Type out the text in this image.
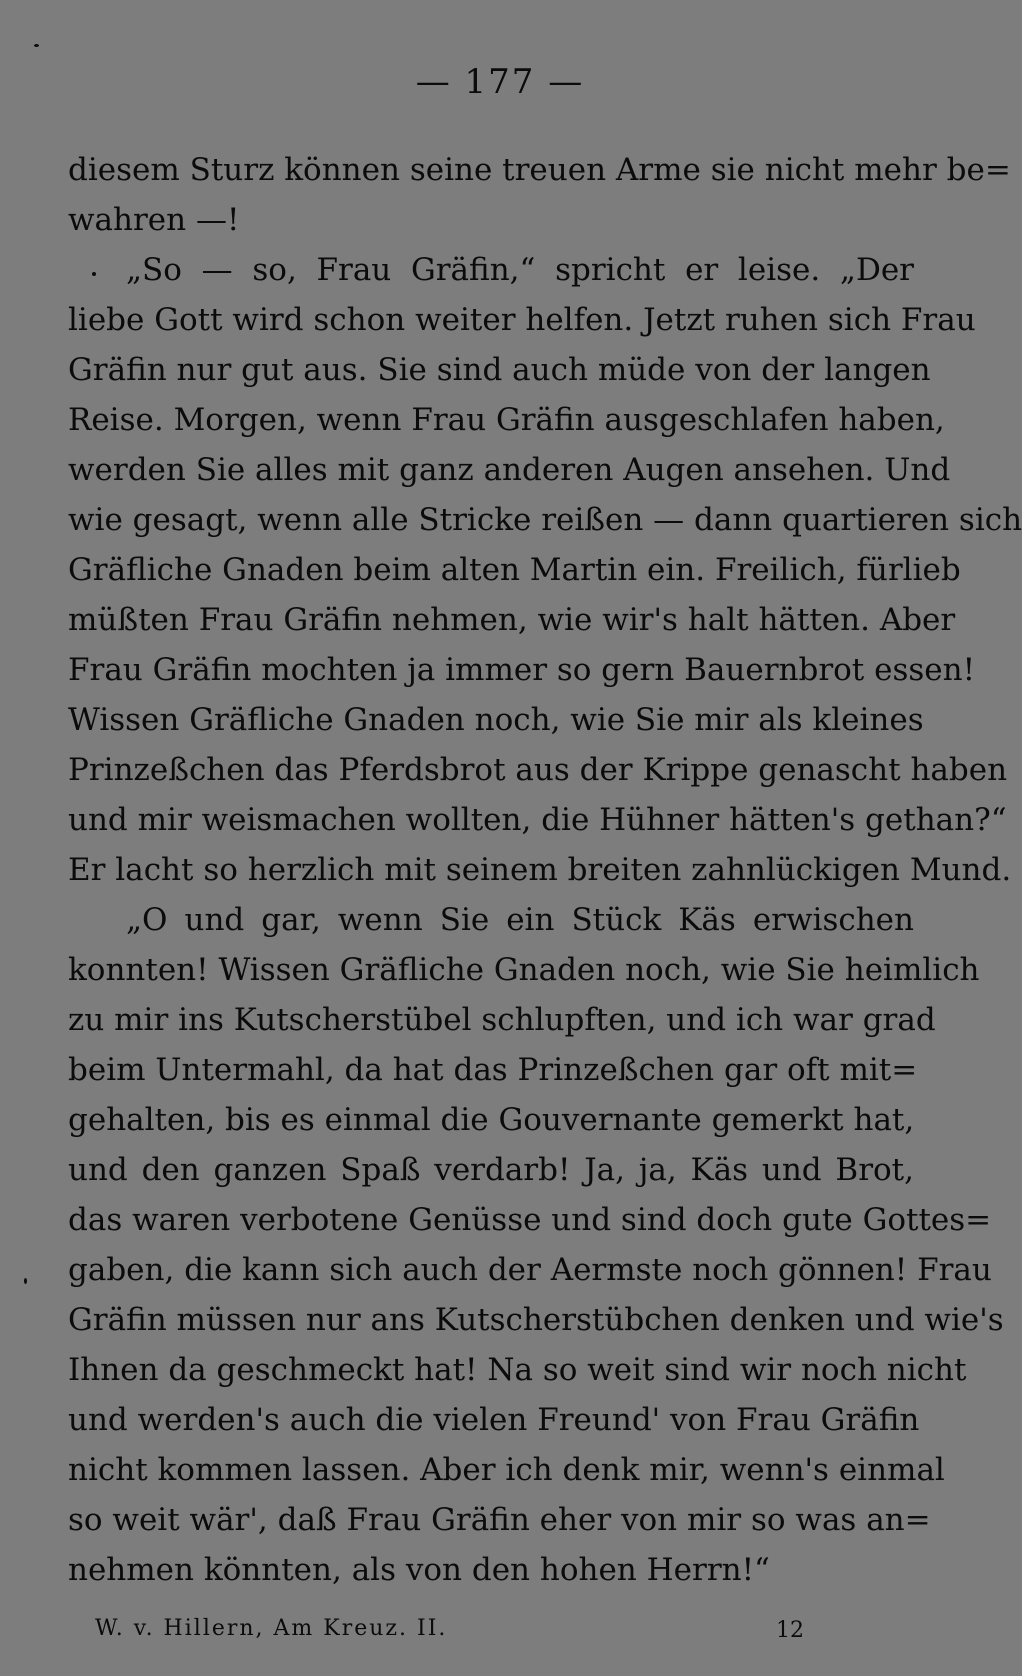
— 177 —
diesem Sturz können seine treuen Arme sie nicht mehr be=
wahren —!
„So — so, Frau Gräfin,“ spricht er leise. „Der
liebe Gott wird schon weiter helfen. Jetzt ruhen sich Frau
Gräfin nur gut aus. Sie sind auch müde von der langen
Reise. Morgen, wenn Frau Gräfin ausgeschlafen haben,
werden Sie alles mit ganz anderen Augen ansehen. Und
wie gesagt, wenn alle Stricke reißen — dann quartieren sich
Gräfliche Gnaden beim alten Martin ein. Freilich, fürlieb
müßten Frau Gräfin nehmen, wie wir's halt hätten. Aber
Frau Gräfin mochten ja immer so gern Bauernbrot essen!
Wissen Gräfliche Gnaden noch, wie Sie mir als kleines
Prinzeßchen das Pferdsbrot aus der Krippe genascht haben
und mir weismachen wollten, die Hühner hätten's gethan?“
Er lacht so herzlich mit seinem breiten zahnlückigen Mund.
„O und gar, wenn Sie ein Stück Käs erwischen
konnten! Wissen Gräfliche Gnaden noch, wie Sie heimlich
zu mir ins Kutscherstübel schlupften, und ich war grad
beim Untermahl, da hat das Prinzeßchen gar oft mit=
gehalten, bis es einmal die Gouvernante gemerkt hat,
und den ganzen Spaß verdarb! Ja, ja, Käs und Brot,
das waren verbotene Genüsse und sind doch gute Gottes=
gaben, die kann sich auch der Aermste noch gönnen! Frau
Gräfin müssen nur ans Kutscherstübchen denken und wie's
Ihnen da geschmeckt hat! Na so weit sind wir noch nicht
und werden's auch die vielen Freund' von Frau Gräfin
nicht kommen lassen. Aber ich denk mir, wenn's einmal
so weit wär', daß Frau Gräfin eher von mir so was an=
nehmen könnten, als von den hohen Herrn!“
W. v. Hillern, Am Kreuz. II.	12
